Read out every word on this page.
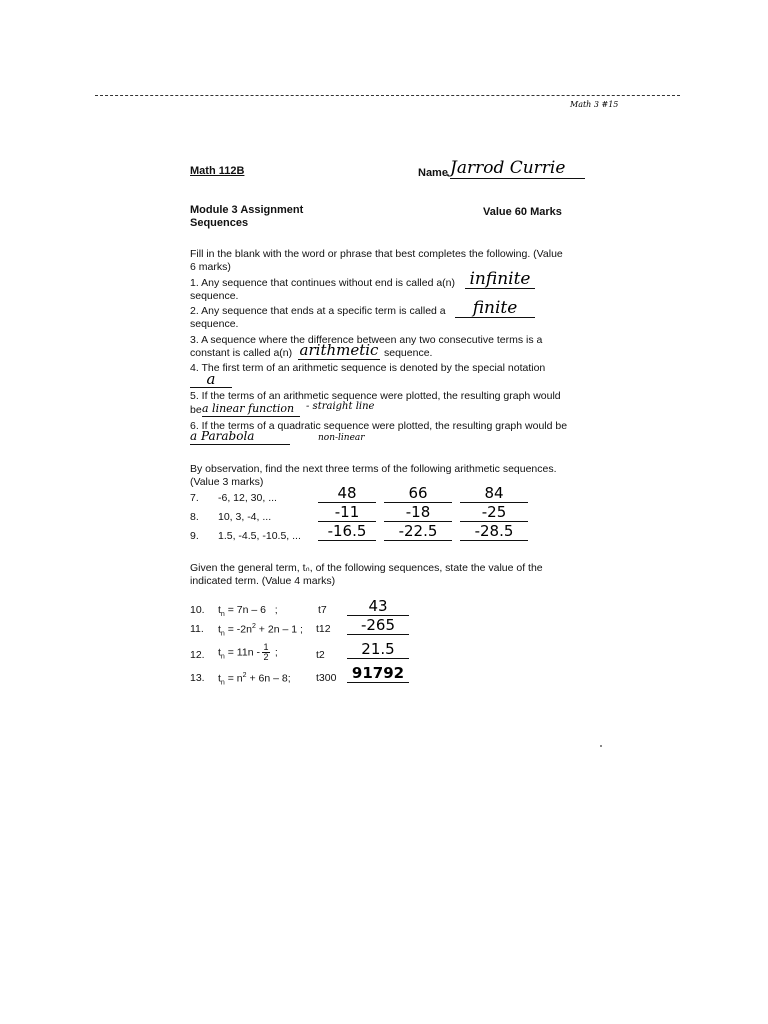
Math 3 #15
Math 112B	Name Jarrod Currie
Module 3 Assignment
Sequences
Value 60 Marks
Fill in the blank with the word or phrase that best completes the following. (Value
6 marks)
1. Any sequence that continues without end is called a(n) infinite
sequence.
2. Any sequence that ends at a specific term is called a	finite
sequence.
3. A sequence where the difference between any two consecutive terms is a
constant is called a(n) arithmetic sequence.
4. The first term of an arithmetic sequence is denoted by the special notation
a
5. If the terms of an arithmetic sequence were plotted, the resulting graph would
be a linear function	- straight line
6. If the terms of a quadratic sequence were plotted, the resulting graph would be
a Parabola	non-linear
By observation, find the next three terms of the following arithmetic sequences.
(Value 3 marks)
7. -6, 12, 30, ...	48	66	84
8. 10, 3, -4, ...	-11	-18	-25
9. 1.5, -4.5, -10.5, ...	-16.5	-22.5	-28.5
Given the general term, tₙ, of the following sequences, state the value of the
indicated term. (Value 4 marks)
10. $t_n = 7n - 6$   ;	t7	43
11. $t_n = -2n^2 + 2n - 1$ ; t12	-265
12. $t_n = 11n - \frac{1}{2}$ ;	t2	21.5
13. $t_n = n^2 + 6n - 8$; t300	91792
